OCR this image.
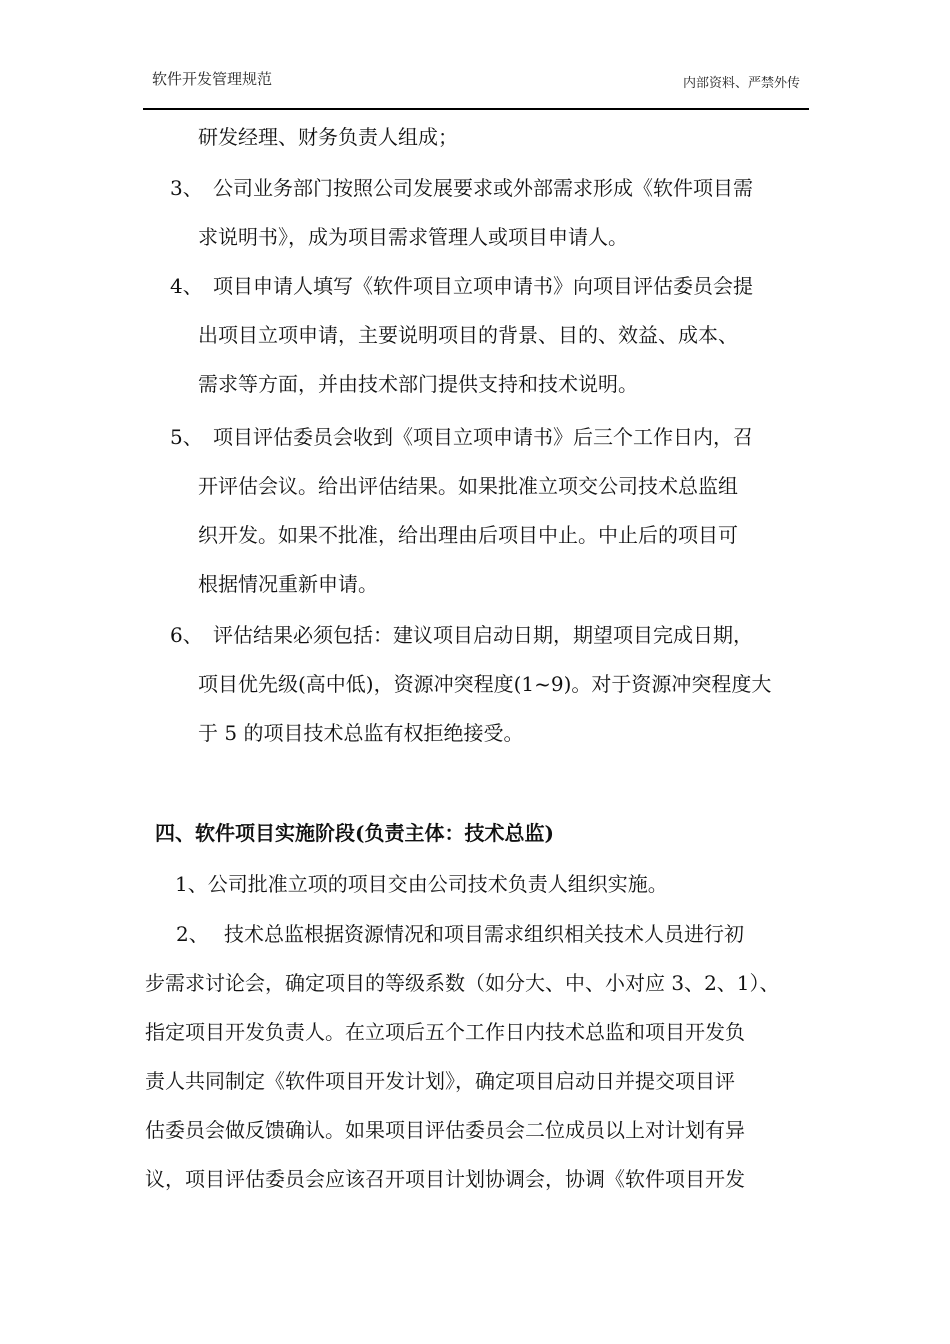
软件开发管理规范	内部资料、严禁外传
研发经理、财务负责人组成；
3、 公司业务部门按照公司发展要求或外部需求形成《软件项目需
求说明书》，成为项目需求管理人或项目申请人。
4、 项目申请人填写《软件项目立项申请书》向项目评估委员会提
出项目立项申请，主要说明项目的背景、目的、效益、成本、
需求等方面，并由技术部门提供支持和技术说明。
5、 项目评估委员会收到《项目立项申请书》后三个工作日内，召
开评估会议。给出评估结果。如果批准立项交公司技术总监组
织开发。如果不批准，给出理由后项目中止。中止后的项目可
根据情况重新申请。
6、 评估结果必须包括：建议项目启动日期，期望项目完成日期，
项目优先级(高中低)，资源冲突程度(1~9)。对于资源冲突程度大
于 5 的项目技术总监有权拒绝接受。
四、软件项目实施阶段(负责主体：技术总监)
1、公司批准立项的项目交由公司技术负责人组织实施。
2、 技术总监根据资源情况和项目需求组织相关技术人员进行初
步需求讨论会，确定项目的等级系数（如分大、中、小对应 3、2、1）、
指定项目开发负责人。在立项后五个工作日内技术总监和项目开发负
责人共同制定《软件项目开发计划》，确定项目启动日并提交项目评
估委员会做反馈确认。如果项目评估委员会二位成员以上对计划有异
议，项目评估委员会应该召开项目计划协调会，协调《软件项目开发
